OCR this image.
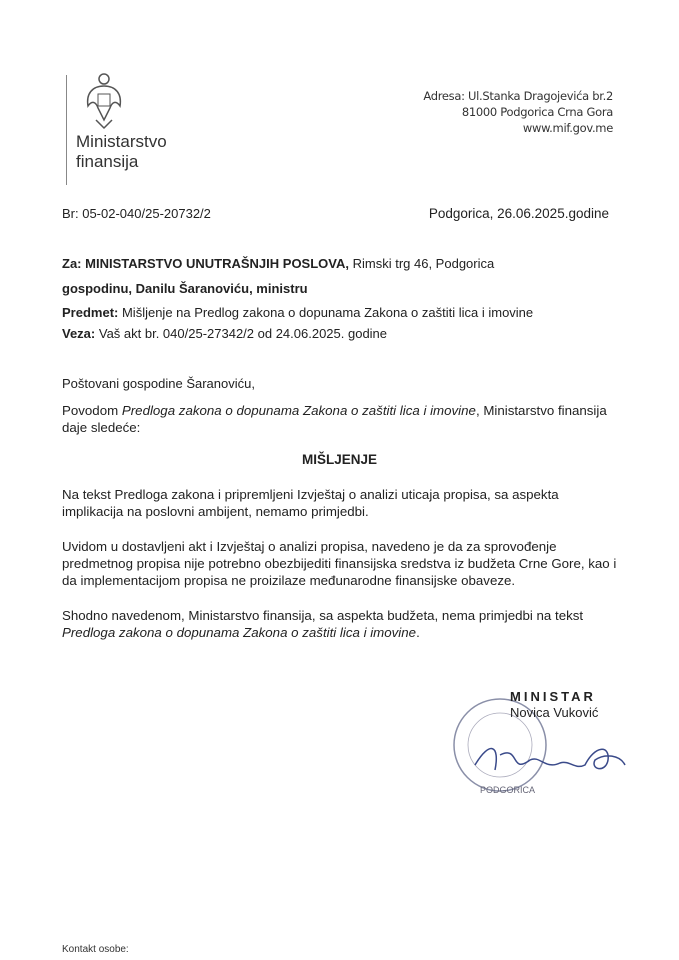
Ministarstvo
finansija
Adresa: Ul.Stanka Dragojevića br.2
81000 Podgorica Crna Gora
www.mif.gov.me
Br: 05-02-040/25-20732/2	Podgorica, 26.06.2025.godine
Za: MINISTARSTVO UNUTRAŠNJIH POSLOVA, Rimski trg 46, Podgorica
gospodinu, Danilu Šaranoviću, ministru
Predmet: Mišljenje na Predlog zakona o dopunama Zakona o zaštiti lica i imovine
Veza: Vaš akt br. 040/25-27342/2 od 24.06.2025. godine
Poštovani gospodine Šaranoviću,
Povodom Predloga zakona o dopunama Zakona o zaštiti lica i imovine, Ministarstvo finansija daje sledeće:
MIŠLJENJE
Na tekst Predloga zakona i pripremljeni Izvještaj o analizi uticaja propisa, sa aspekta implikacija na poslovni ambijent, nemamo primjedbi.
Uvidom u dostavljeni akt i Izvještaj o analizi propisa, navedeno je da za sprovođenje predmetnog propisa nije potrebno obezbijediti finansijska sredstva iz budžeta Crne Gore, kao i da implementacijom propisa ne proizilaze međunarodne finansijske obaveze.
Shodno navedenom, Ministarstvo finansija, sa aspekta budžeta, nema primjedbi na tekst Predloga zakona o dopunama Zakona o zaštiti lica i imovine.
PODGORICA
MINISTAR
Novica Vuković
Kontakt osobe:
